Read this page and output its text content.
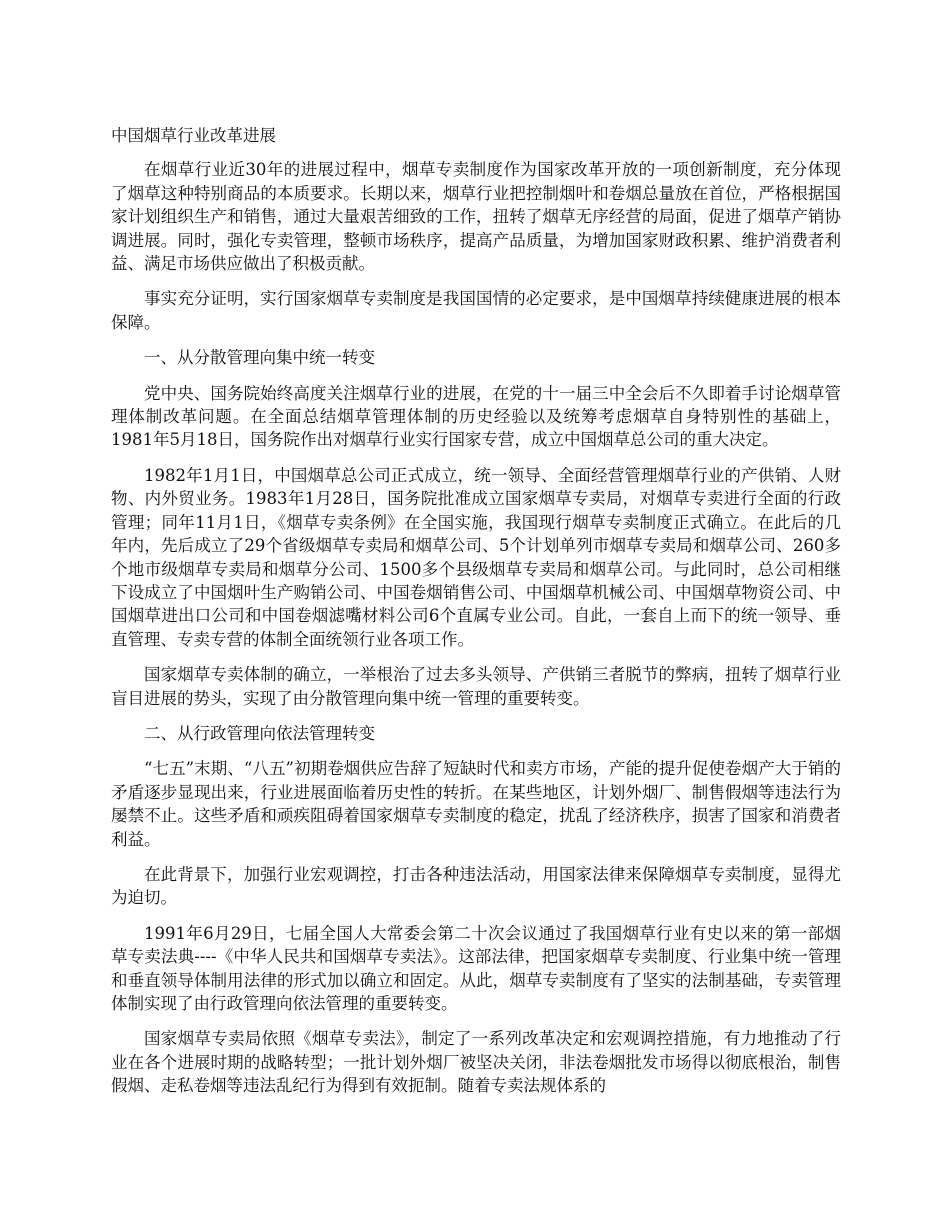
中国烟草行业改革进展

在烟草行业近30年的进展过程中，烟草专卖制度作为国家改革开放的一项创新制度，充分体现了烟草这种特别商品的本质要求。长期以来，烟草行业把控制烟叶和卷烟总量放在首位，严格根据国家计划组织生产和销售，通过大量艰苦细致的工作，扭转了烟草无序经营的局面，促进了烟草产销协调进展。同时，强化专卖管理，整顿市场秩序，提高产品质量，为增加国家财政积累、维护消费者利益、满足市场供应做出了积极贡献。

事实充分证明，实行国家烟草专卖制度是我国国情的必定要求，是中国烟草持续健康进展的根本保障。

一、从分散管理向集中统一转变

党中央、国务院始终高度关注烟草行业的进展，在党的十一届三中全会后不久即着手讨论烟草管理体制改革问题。在全面总结烟草管理体制的历史经验以及统筹考虑烟草自身特别性的基础上，1981年5月18日，国务院作出对烟草行业实行国家专营，成立中国烟草总公司的重大决定。

1982年1月1日，中国烟草总公司正式成立，统一领导、全面经营管理烟草行业的产供销、人财物、内外贸业务。1983年1月28日，国务院批准成立国家烟草专卖局，对烟草专卖进行全面的行政管理；同年11月1日，《烟草专卖条例》在全国实施，我国现行烟草专卖制度正式确立。在此后的几年内，先后成立了29个省级烟草专卖局和烟草公司、5个计划单列市烟草专卖局和烟草公司、260多个地市级烟草专卖局和烟草分公司、1500多个县级烟草专卖局和烟草公司。与此同时，总公司相继下设成立了中国烟叶生产购销公司、中国卷烟销售公司、中国烟草机械公司、中国烟草物资公司、中国烟草进出口公司和中国卷烟滤嘴材料公司6个直属专业公司。自此，一套自上而下的统一领导、垂直管理、专卖专营的体制全面统领行业各项工作。

国家烟草专卖体制的确立，一举根治了过去多头领导、产供销三者脱节的弊病，扭转了烟草行业盲目进展的势头，实现了由分散管理向集中统一管理的重要转变。

二、从行政管理向依法管理转变

“七五”末期、“八五”初期卷烟供应告辞了短缺时代和卖方市场，产能的提升促使卷烟产大于销的矛盾逐步显现出来，行业进展面临着历史性的转折。在某些地区，计划外烟厂、制售假烟等违法行为屡禁不止。这些矛盾和顽疾阻碍着国家烟草专卖制度的稳定，扰乱了经济秩序，损害了国家和消费者利益。

在此背景下，加强行业宏观调控，打击各种违法活动，用国家法律来保障烟草专卖制度，显得尤为迫切。

1991年6月29日，七届全国人大常委会第二十次会议通过了我国烟草行业有史以来的第一部烟草专卖法典----《中华人民共和国烟草专卖法》。这部法律，把国家烟草专卖制度、行业集中统一管理和垂直领导体制用法律的形式加以确立和固定。从此，烟草专卖制度有了坚实的法制基础，专卖管理体制实现了由行政管理向依法管理的重要转变。

国家烟草专卖局依照《烟草专卖法》，制定了一系列改革决定和宏观调控措施，有力地推动了行业在各个进展时期的战略转型；一批计划外烟厂被坚决关闭，非法卷烟批发市场得以彻底根治，制售假烟、走私卷烟等违法乱纪行为得到有效扼制。随着专卖法规体系的
